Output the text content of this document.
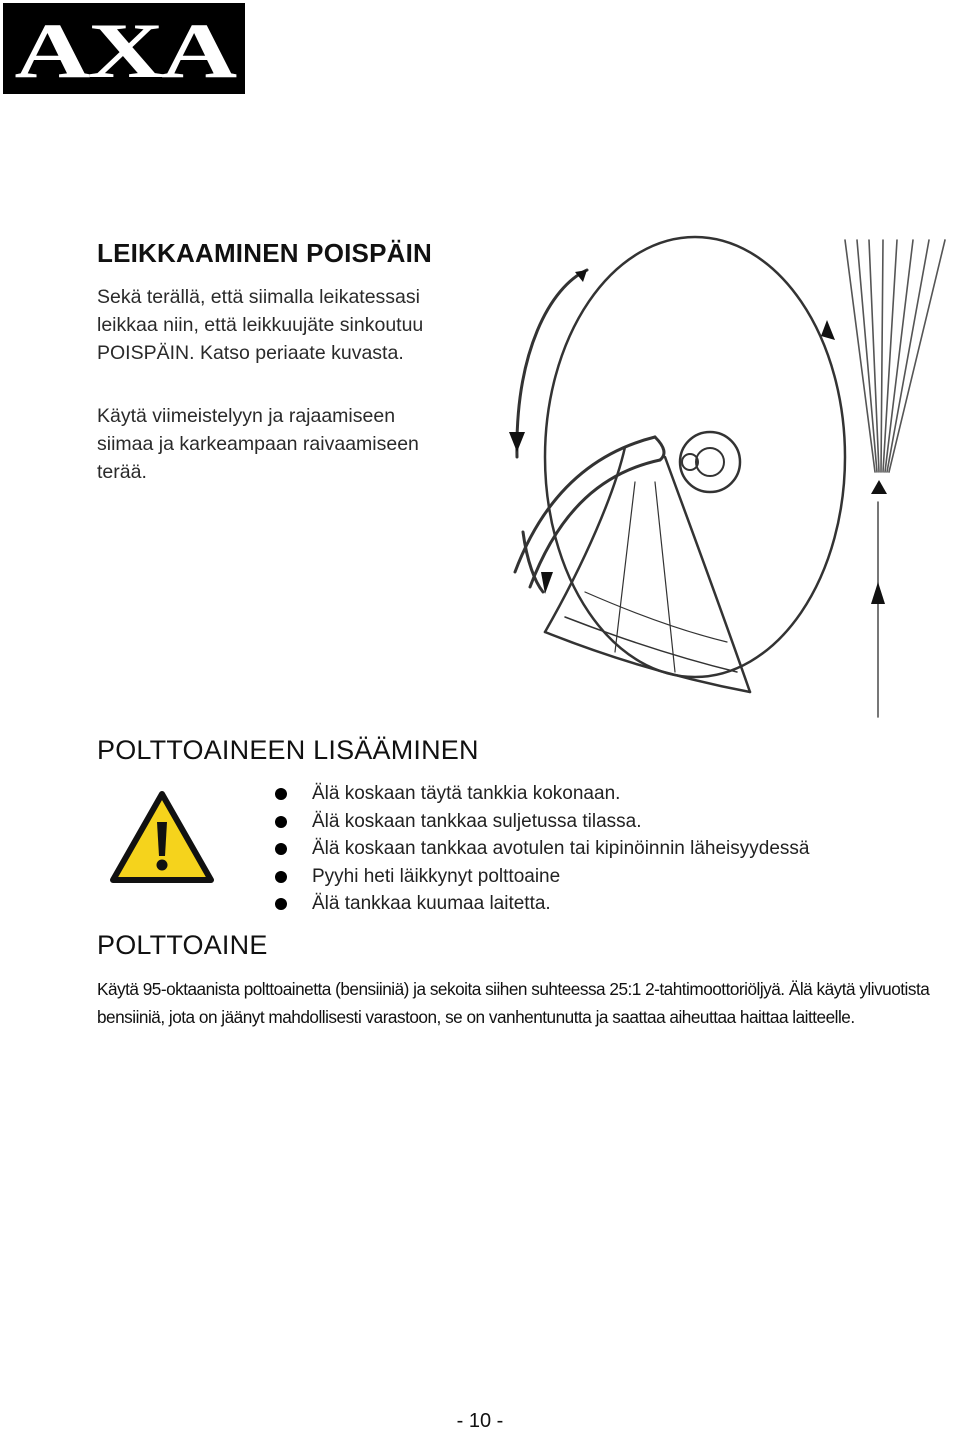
AXA
LEIKKAAMINEN POISPÄIN

Sekä terällä, että siimalla leikatessasi
leikkaa niin, että leikkuujäte sinkoutuu
POISPÄIN. Katso periaate kuvasta.

Käytä viimeistelyyn ja rajaamiseen
siimaa ja karkeampaan raivaamiseen
terää.

POLTTOAINEEN LISÄÄMINEN
Älä koskaan täytä tankkia kokonaan.
Älä koskaan tankkaa suljetussa tilassa.
Älä koskaan tankkaa avotulen tai kipinöinnin läheisyydessä
Pyyhi heti läikkynyt polttoaine
Älä tankkaa kuumaa laitetta.
POLTTOAINE

Käytä 95-oktaanista polttoainetta (bensiiniä) ja sekoita siihen suhteessa 25:1 2-tahtimoottoriöljyä. Älä käytä ylivuotista bensiiniä, jota on jäänyt mahdollisesti varastoon, se on vanhentunutta ja saattaa aiheuttaa haittaa laitteelle.

- 10 -
